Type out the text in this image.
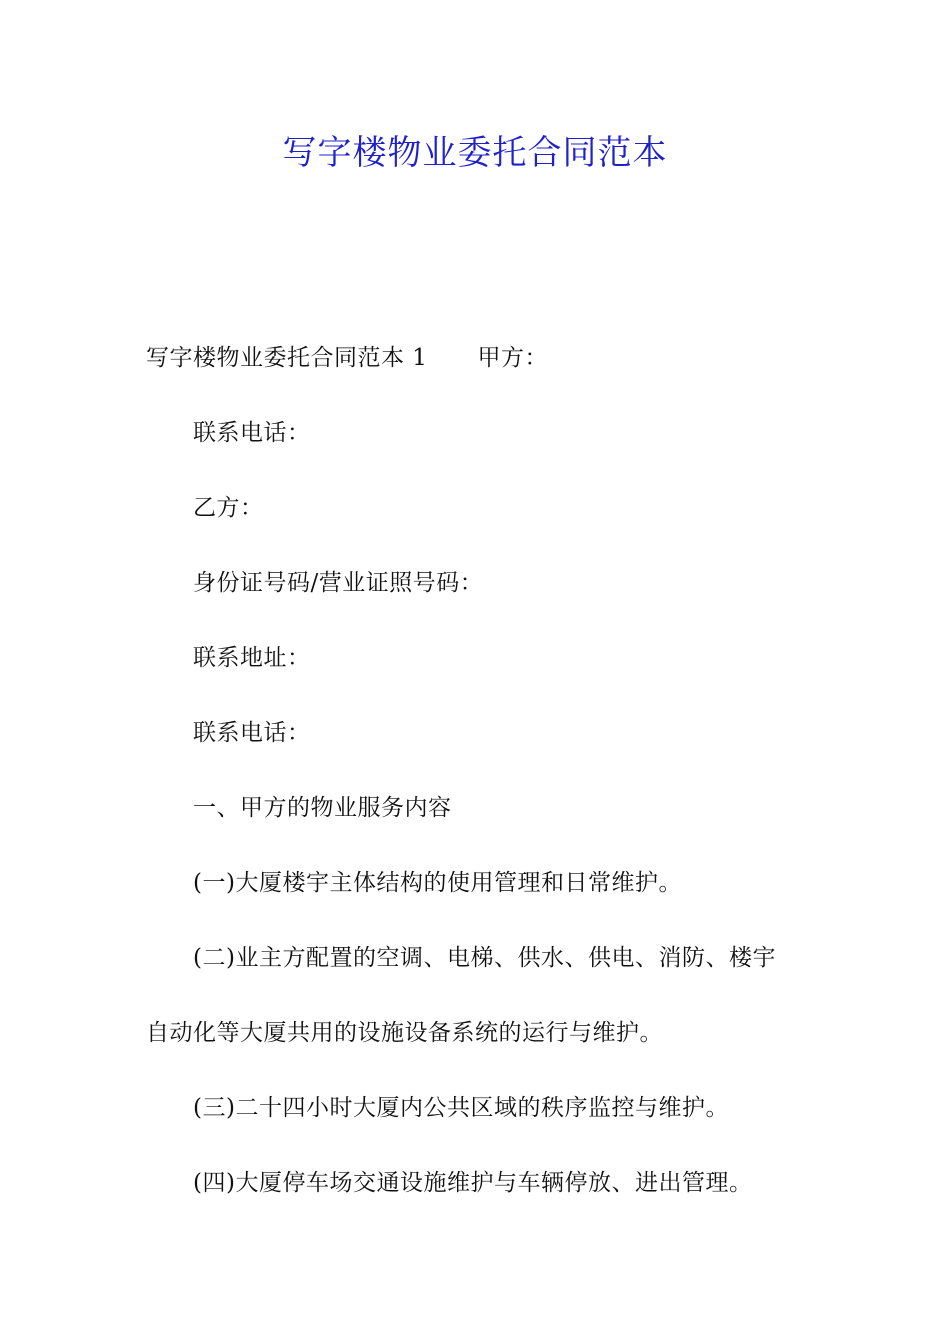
写字楼物业委托合同范本
写字楼物业委托合同范本 1 甲方：
联系电话：
乙方：
身份证号码/营业证照号码：
联系地址：
联系电话：
一、甲方的物业服务内容
(一)大厦楼宇主体结构的使用管理和日常维护。
(二)业主方配置的空调、电梯、供水、供电、消防、楼宇
自动化等大厦共用的设施设备系统的运行与维护。
(三)二十四小时大厦内公共区域的秩序监控与维护。
(四)大厦停车场交通设施维护与车辆停放、进出管理。
